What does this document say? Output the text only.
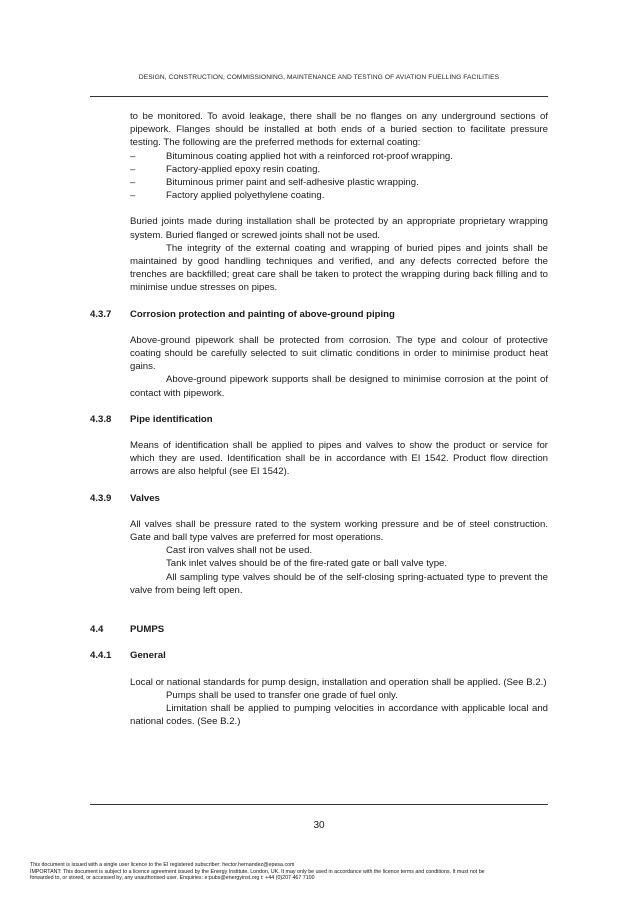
DESIGN, CONSTRUCTION, COMMISSIONING, MAINTENANCE AND TESTING OF AVIATION FUELLING FACILITIES
to be monitored. To avoid leakage, there shall be no flanges on any underground sections of pipework. Flanges should be installed at both ends of a buried section to facilitate pressure testing. The following are the preferred methods for external coating:
–	Bituminous coating applied hot with a reinforced rot-proof wrapping.
–	Factory-applied epoxy resin coating.
–	Bituminous primer paint and self-adhesive plastic wrapping.
–	Factory applied polyethylene coating.
Buried joints made during installation shall be protected by an appropriate proprietary wrapping system. Buried flanged or screwed joints shall not be used.
The integrity of the external coating and wrapping of buried pipes and joints shall be maintained by good handling techniques and verified, and any defects corrected before the trenches are backfilled; great care shall be taken to protect the wrapping during back filling and to minimise undue stresses on pipes.
4.3.7	Corrosion protection and painting of above-ground piping
Above-ground pipework shall be protected from corrosion. The type and colour of protective coating should be carefully selected to suit climatic conditions in order to minimise product heat gains.
Above-ground pipework supports shall be designed to minimise corrosion at the point of contact with pipework.
4.3.8	Pipe identification
Means of identification shall be applied to pipes and valves to show the product or service for which they are used. Identification shall be in accordance with EI 1542. Product flow direction arrows are also helpful (see EI 1542).
4.3.9	Valves
All valves shall be pressure rated to the system working pressure and be of steel construction. Gate and ball type valves are preferred for most operations.
Cast iron valves shall not be used.
Tank inlet valves should be of the fire-rated gate or ball valve type.
All sampling type valves should be of the self-closing spring-actuated type to prevent the valve from being left open.
4.4	PUMPS
4.4.1	General
Local or national standards for pump design, installation and operation shall be applied. (See B.2.)
Pumps shall be used to transfer one grade of fuel only.
Limitation shall be applied to pumping velocities in accordance with applicable local and national codes. (See B.2.)
30
This document is issued with a single user licence to the EI registered subscriber: hector.hernandez@epesa.com
IMPORTANT: This document is subject to a licence agreement issued by the Energy Institute, London, UK. It may only be used in accordance with the licence terms and conditions. It must not be
forwarded to, or stored, or accessed by, any unauthorised user. Enquiries: e:pubs@energyinst.org t: +44 (0)207 467 7100
